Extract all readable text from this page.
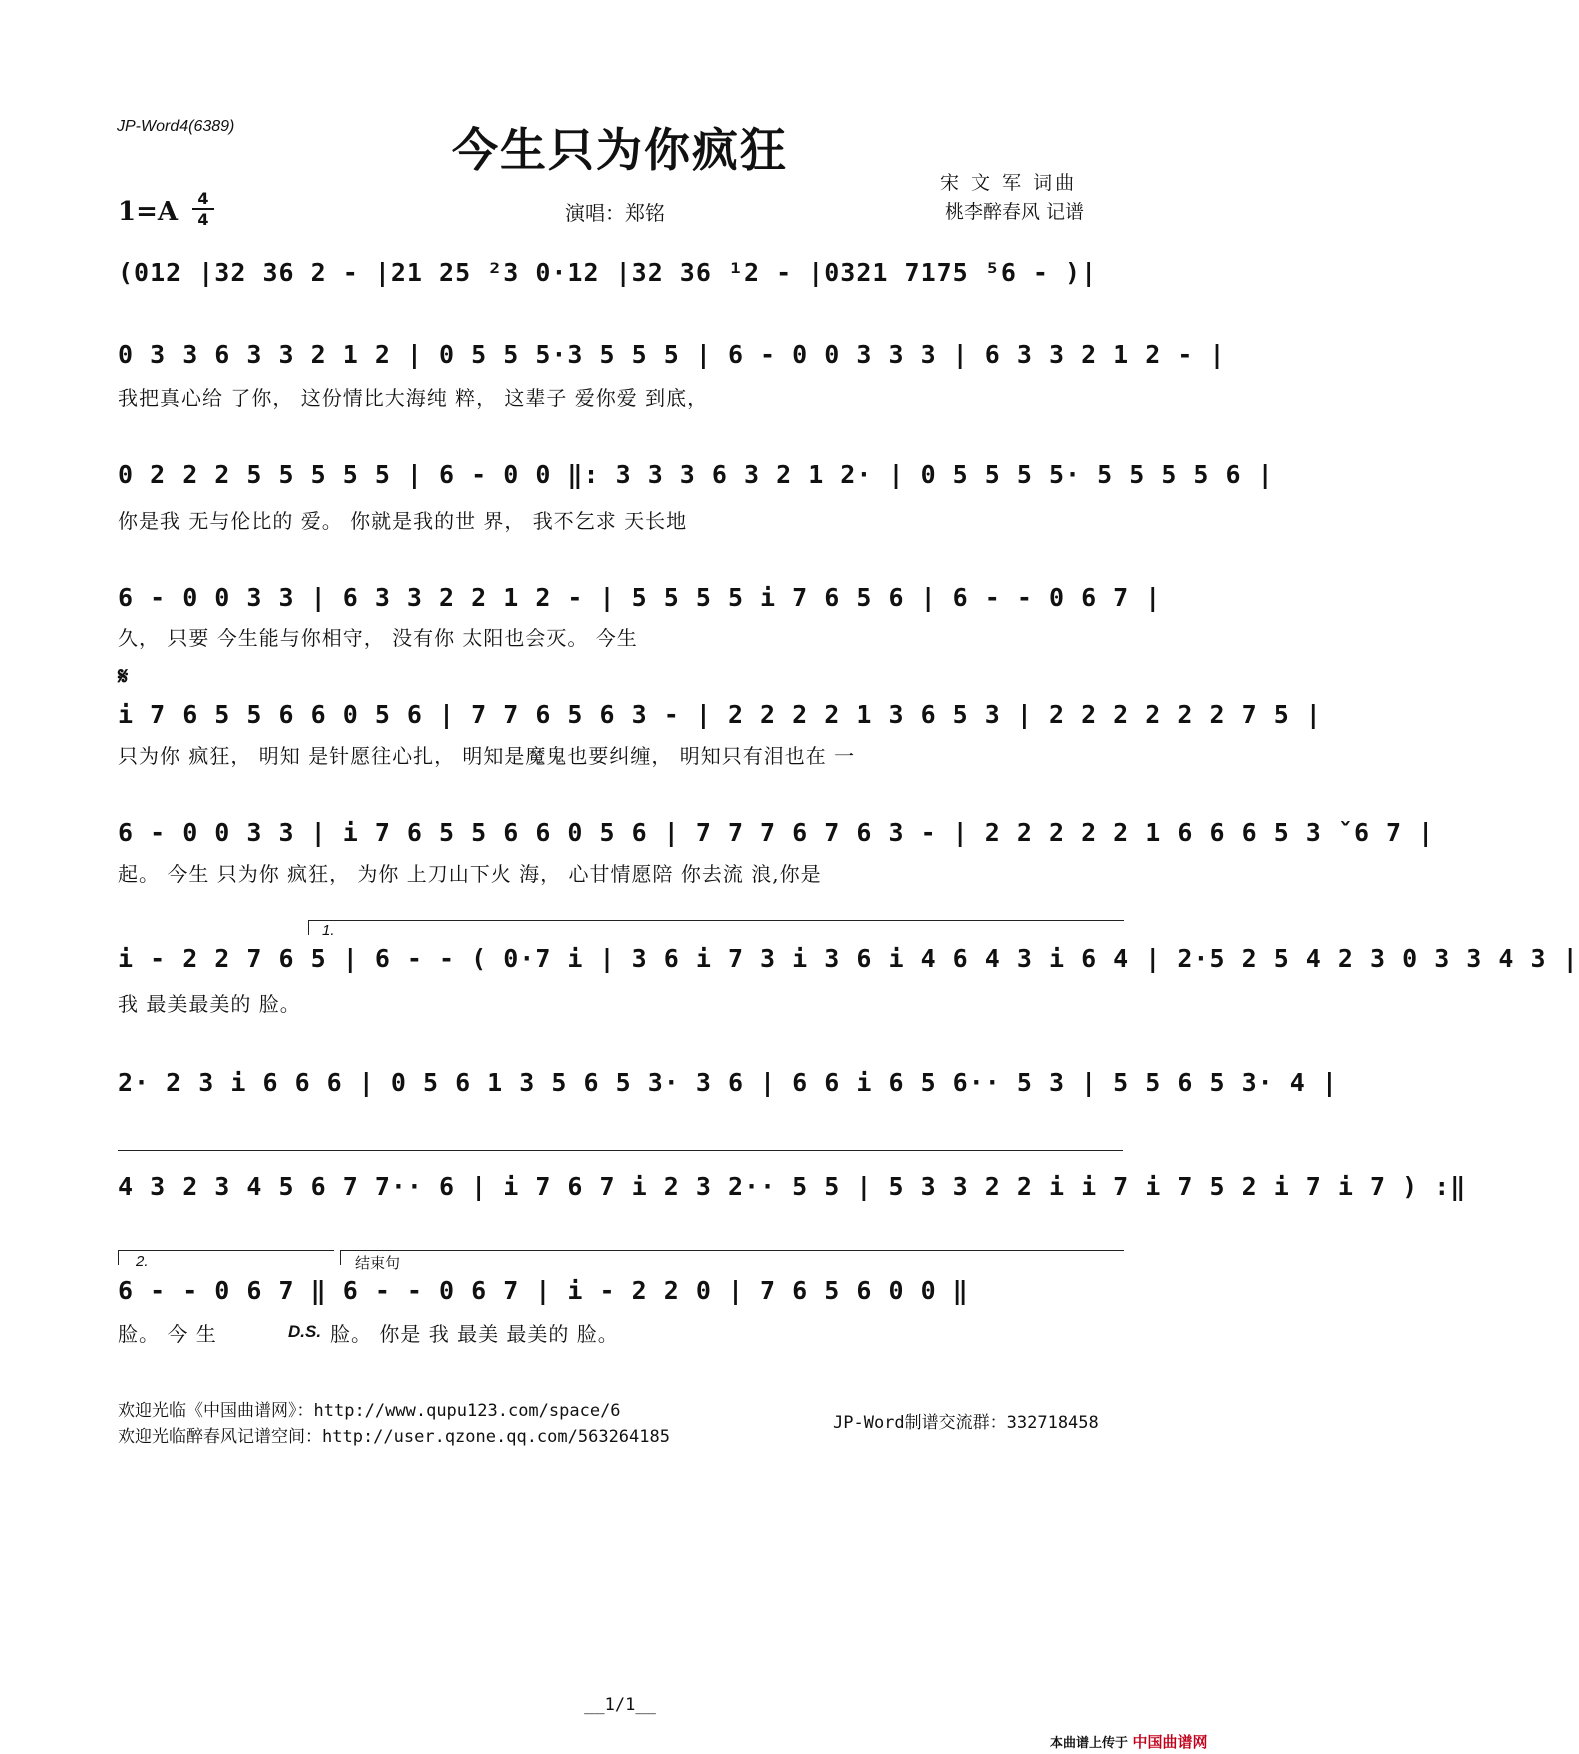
JP-Word4(6389)	今生只为你疯狂
1=A	4
4	演唱：郑铭
宋 文 军 词曲
桃李醉春风 记谱
(012 |32 36 2 - |21 25 ²3 0·12 |32 36 ¹2 - |0321 7175 ⁵6 - )|
0 3 3 6 3 3 2 1 2 | 0 5 5 5·3 5 5 5 | 6 - 0 0 3 3 3 | 6 3 3 2 1 2 - |
我把真心给 了你， 这份情比大海纯 粹， 这辈子 爱你爱 到底，
0 2 2 2 5 5 5 5 5 | 6 - 0 0 ‖: 3 3 3 6 3 2 1 2· | 0 5 5 5 5· 5 5 5 5 6 |
你是我 无与伦比的 爱。 你就是我的世 界， 我不乞求 天长地
6 - 0 0 3 3 | 6 3 3 2 2 1 2 - | 5 5 5 5 i 7 6 5 6 | 6 - - 0 6 7 |
久， 只要 今生能与你相守， 没有你 太阳也会灭。 今生
𝄋
i 7 6 5 5 6 6 0 5 6 | 7 7 6 5 6 3 - | 2 2 2 2 1 3 6 5 3 | 2 2 2 2 2 2 7 5 |
只为你 疯狂， 明知 是针愿往心扎， 明知是魔鬼也要纠缠， 明知只有泪也在 一
6 - 0 0 3 3 | i 7 6 5 5 6 6 0 5 6 | 7 7 7 6 7 6 3 - | 2 2 2 2 2 1 6 6 6 5 3 ˇ6 7 |
起。 今生 只为你 疯狂， 为你 上刀山下火 海， 心甘情愿陪 你去流 浪,你是
1.
i - 2 2 7 6 5 | 6 - - ( 0·7 i | 3 6 i 7 3 i 3 6 i 4 6 4 3 i 6 4 | 2·5 2 5 4 2 3 0 3 3 4 3 |
我 最美最美的 脸。
2· 2 3 i 6 6 6 | 0 5 6 1 3 5 6 5 3· 3 6 | 6 6 i 6 5 6·· 5 3 | 5 5 6 5 3· 4 |
4 3 2 3 4 5 6 7 7·· 6 | i 7 6 7 i 2 3 2·· 5 5 | 5 3 3 2 2 i i 7 i 7 5 2 i 7 i 7 ) :‖
2.	结束句
6 - - 0 6 7 ‖ 6 - - 0 6 7 | i - 2 2 0 | 7 6 5 6 0 0 ‖
脸。 今 生	D.S. 脸。 你是 我 最美 最美的 脸。
欢迎光临《中国曲谱网》：http://www.qupu123.com/space/6
欢迎光临醉春风记谱空间：http://user.qzone.qq.com/563264185
JP-Word制谱交流群：332718458
__1/1__
本曲谱上传于 中国曲谱网
